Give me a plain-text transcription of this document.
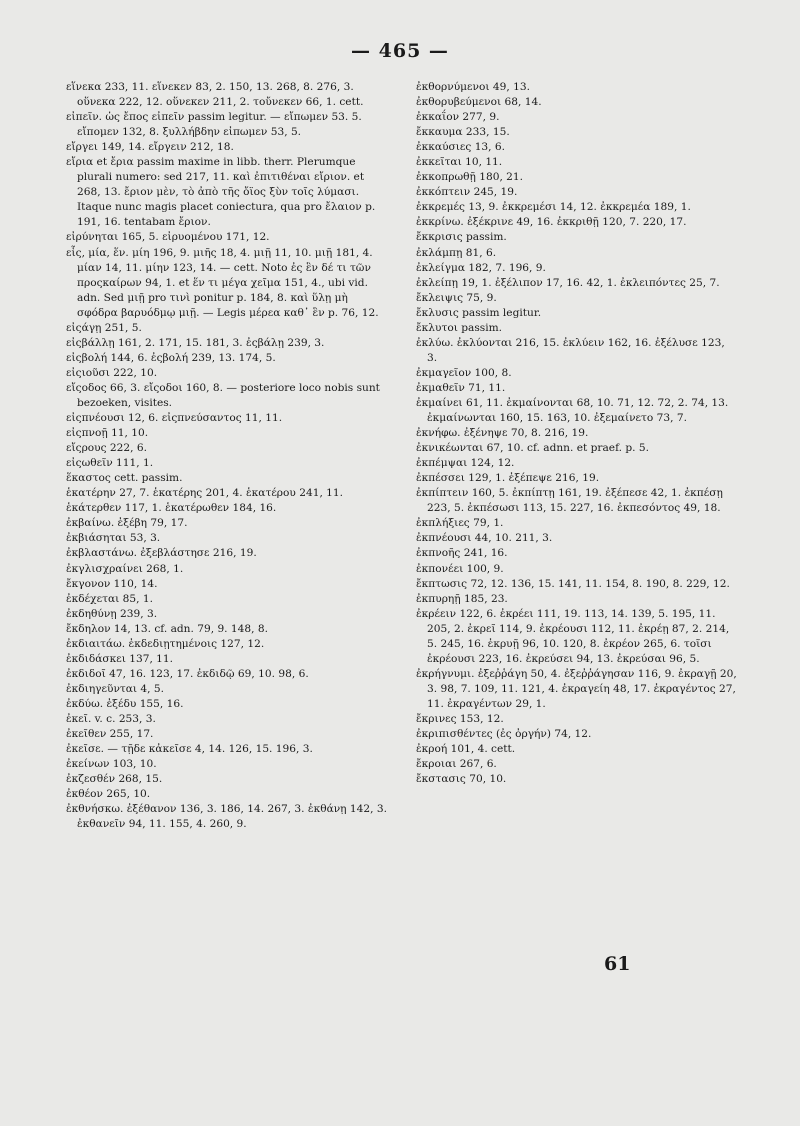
— 465 —
εἵνεκα 233, 11. εἵνεκεν 83, 2. 150, 13. 268, 8. 276, 3. οὕνεκα 222, 12. οὕνεκεν 211, 2. τοὔνεκεν 66, 1. cett.
εἰπεῖν. ὡς ἔπος εἰπεῖν passim legitur. — εἴπωμεν 53. 5. εἴπομεν 132, 8. ξυλλήβδην εἰπωμεν 53, 5.
εἴργει 149, 14. εἴργειν 212, 18.
εἴρια et ἔρια passim maxime in libb. therr. Plerumque plurali numero: sed 217, 11. καὶ ἐπιτιθέναι εἴριον. et 268, 13. ἔριον μὲν, τὸ ἀπὸ τῆς ὄϊος ξὺν τοῖς λύμασι. Itaque nunc magis placet coniectura, qua pro ἔλαιον p. 191, 16. tentabam ἔριον.
εἰρύνηται 165, 5. εἰρυομένου 171, 12.
εἷς, μία, ἕν. μίη 196, 9. μιῆς 18, 4. μιῇ 11, 10. μιῇ 181, 4. μίαν 14, 11. μίην 123, 14. — cett. Noto ἐς ἓν δέ τι τῶν προςκαίρων 94, 1. et ἕν τι μέγα χεῖμα 151, 4., ubi vid. adn. Sed μιῇ pro τινὶ ponitur p. 184, 8. καὶ ὕλῃ μὴ σφόδρα βαρυόδμῳ μιῇ. — Legis μέρεα καθ᾽ ἓν p. 76, 12.
εἰςάγῃ 251, 5.
εἰςβάλλῃ 161, 2. 171, 15. 181, 3. ἐςβάλῃ 239, 3.
εἰςβολή 144, 6. ἐςβολή 239, 13. 174, 5.
εἰςιοῦσι 222, 10.
εἴςοδος 66, 3. εἴςοδοι 160, 8. — posteriore loco nobis sunt bezoeken, visites.
εἰςπνέουσι 12, 6. εἰςπνεύσαντος 11, 11.
εἰςπνοῇ 11, 10.
εἴςρους 222, 6.
εἰςωθεῖν 111, 1.
ἕκαστος cett. passim.
ἑκατέρην 27, 7. ἑκατέρης 201, 4. ἑκατέρου 241, 11.
ἑκάτερθεν 117, 1. ἑκατέρωθεν 184, 16.
ἐκβαίνω. ἐξέβη 79, 17.
ἐκβιάσηται 53, 3.
ἐκβλαστάνω. ἐξεβλάστησε 216, 19.
ἐκγλισχραίνει 268, 1.
ἔκγονον 110, 14.
ἐκδέχεται 85, 1.
ἐκδηθύνῃ 239, 3.
ἔκδηλον 14, 13. cf. adn. 79, 9. 148, 8.
ἐκδιαιτάω. ἐκδεδιῃτημένοις 127, 12.
ἐκδιδάσκει 137, 11.
ἐκδιδοῖ 47, 16. 123, 17. ἐκδιδῷ 69, 10. 98, 6.
ἐκδιηγεῦνται 4, 5.
ἐκδύω. ἐξέδυ 155, 16.
ἐκεῖ. v. c. 253, 3.
ἐκεῖθεν 255, 17.
ἐκεῖσε. — τῇδε κἀκεῖσε 4, 14. 126, 15. 196, 3.
ἐκείνων 103, 10.
ἐκζεσθέν 268, 15.
ἐκθέον 265, 10.
ἐκθνήσκω. ἐξέθανον 136, 3. 186, 14. 267, 3. ἐκθάνῃ 142, 3. ἐκθανεῖν 94, 11. 155, 4. 260, 9.
ἐκθορνύμενοι 49, 13.
ἐκθορυβεύμενοι 68, 14.
ἐκκαΐον 277, 9.
ἔκκαυμα 233, 15.
ἐκκαύσιες 13, 6.
ἐκκεῖται 10, 11.
ἐκκοπρωθῇ 180, 21.
ἐκκόπτειν 245, 19.
ἐκκρεμές 13, 9. ἐκκρεμέσι 14, 12. ἐκκρεμέα 189, 1.
ἐκκρίνω. ἐξέκρινε 49, 16. ἐκκριθῇ 120, 7. 220, 17.
ἔκκρισις passim.
ἐκλάμπῃ 81, 6.
ἐκλείγμα 182, 7. 196, 9.
ἐκλείπῃ 19, 1. ἐξέλιπον 17, 16. 42, 1. ἐκλειπόντες 25, 7.
ἔκλειψις 75, 9.
ἔκλυσις passim legitur.
ἔκλυτοι passim.
ἐκλύω. ἐκλύονται 216, 15. ἐκλύειν 162, 16. ἐξέλυσε 123, 3.
ἐκμαγεῖον 100, 8.
ἐκμαθεῖν 71, 11.
ἐκμαίνει 61, 11. ἐκμαίνονται 68, 10. 71, 12. 72, 2. 74, 13. ἐκμαίνωνται 160, 15. 163, 10. ἐξεμαίνετο 73, 7.
ἐκνήφω. ἐξένηψε 70, 8. 216, 19.
ἐκνικέωνται 67, 10. cf. adnn. et praef. p. 5.
ἐκπέμψαι 124, 12.
ἐκπέσσει 129, 1. ἐξέπεψε 216, 19.
ἐκπίπτειν 160, 5. ἐκπίπτῃ 161, 19. ἐξέπεσε 42, 1. ἐκπέσῃ 223, 5. ἐκπέσωσι 113, 15. 227, 16. ἐκπεσόντος 49, 18.
ἐκπλήξιες 79, 1.
ἐκπνέουσι 44, 10. 211, 3.
ἐκπνοῆς 241, 16.
ἐκπονέει 100, 9.
ἔκπτωσις 72, 12. 136, 15. 141, 11. 154, 8. 190, 8. 229, 12.
ἐκπυρηῇ 185, 23.
ἐκρέειν 122, 6. ἐκρέει 111, 19. 113, 14. 139, 5. 195, 11. 205, 2. ἐκρεῖ 114, 9. ἐκρέουσι 112, 11. ἐκρέῃ 87, 2. 214, 5. 245, 16. ἐκρυῇ 96, 10. 120, 8. ἐκρέον 265, 6. τοῖσι ἐκρέουσι 223, 16. ἐκρεύσει 94, 13. ἐκρεύσαι 96, 5.
ἐκρήγνυμι. ἐξεῤῥάγη 50, 4. ἐξεῤῥάγησαν 116, 9. ἐκραγῇ 20, 3. 98, 7. 109, 11. 121, 4. ἐκραγείη 48, 17. ἐκραγέντος 27, 11. ἐκραγέντων 29, 1.
ἔκρινες 153, 12.
ἐκριπισθέντες (ἐς ὀργήν) 74, 12.
ἐκροή 101, 4. cett.
ἔκροιαι 267, 6.
ἔκστασις 70, 10.
61
